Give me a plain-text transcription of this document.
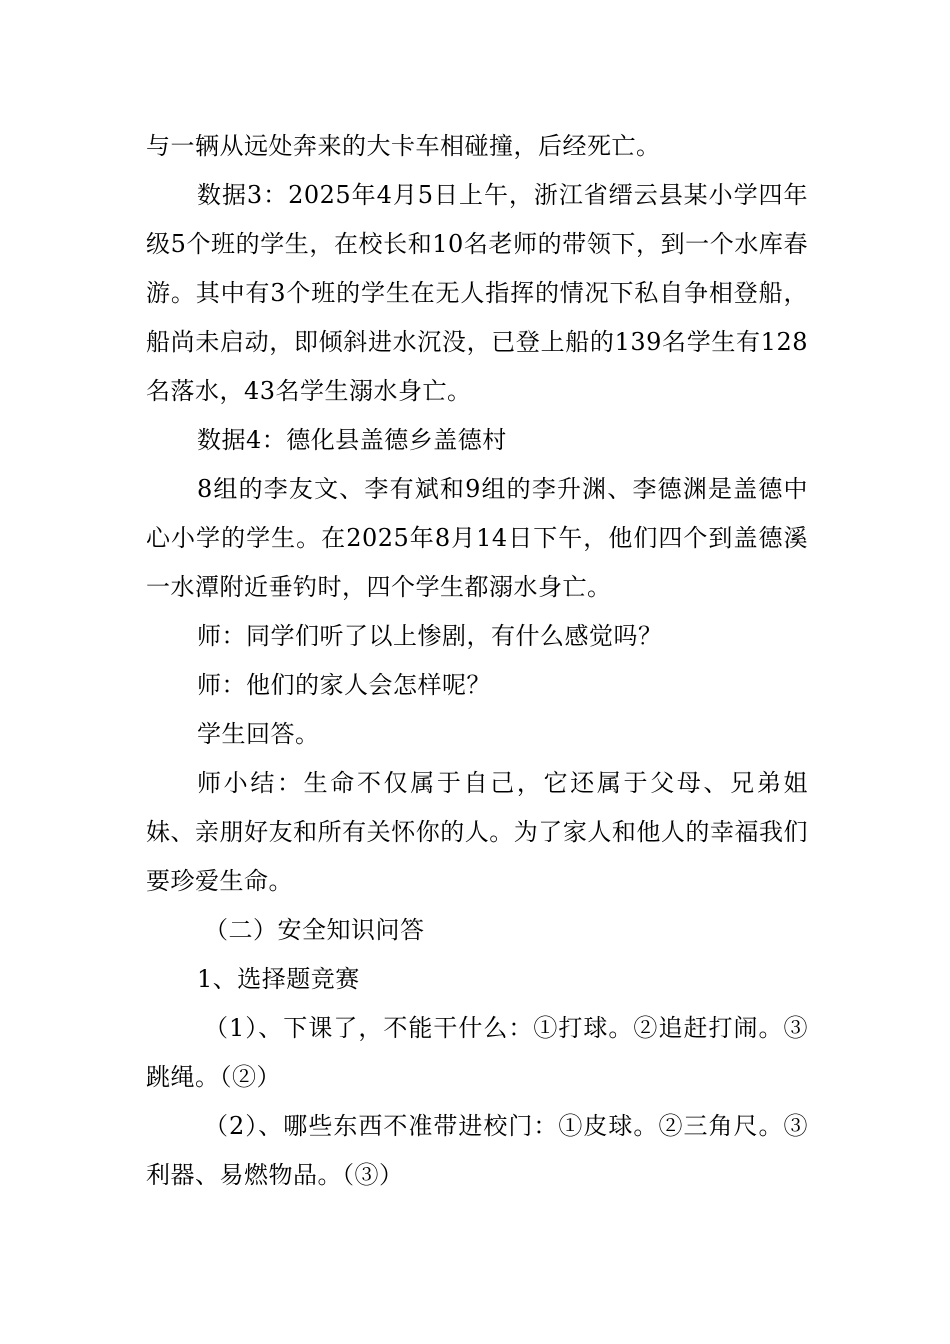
与一辆从远处奔来的大卡车相碰撞，后经死亡。

数据3：2025年4月5日上午，浙江省缙云县某小学四年级5个班的学生，在校长和10名老师的带领下，到一个水库春游。其中有3个班的学生在无人指挥的情况下私自争相登船，船尚未启动，即倾斜进水沉没，已登上船的139名学生有128名落水，43名学生溺水身亡。

数据4：德化县盖德乡盖德村

8组的李友文、李有斌和9组的李升渊、李德渊是盖德中心小学的学生。在2025年8月14日下午，他们四个到盖德溪一水潭附近垂钓时，四个学生都溺水身亡。

师：同学们听了以上惨剧，有什么感觉吗？

师：他们的家人会怎样呢？

学生回答。

师小结：生命不仅属于自己，它还属于父母、兄弟姐妹、亲朋好友和所有关怀你的人。为了家人和他人的幸福我们要珍爱生命。

（二）安全知识问答

1、选择题竞赛

（1）、下课了，不能干什么：①打球。②追赶打闹。③跳绳。（②）

（2）、哪些东西不准带进校门：①皮球。②三角尺。③利器、易燃物品。（③）
